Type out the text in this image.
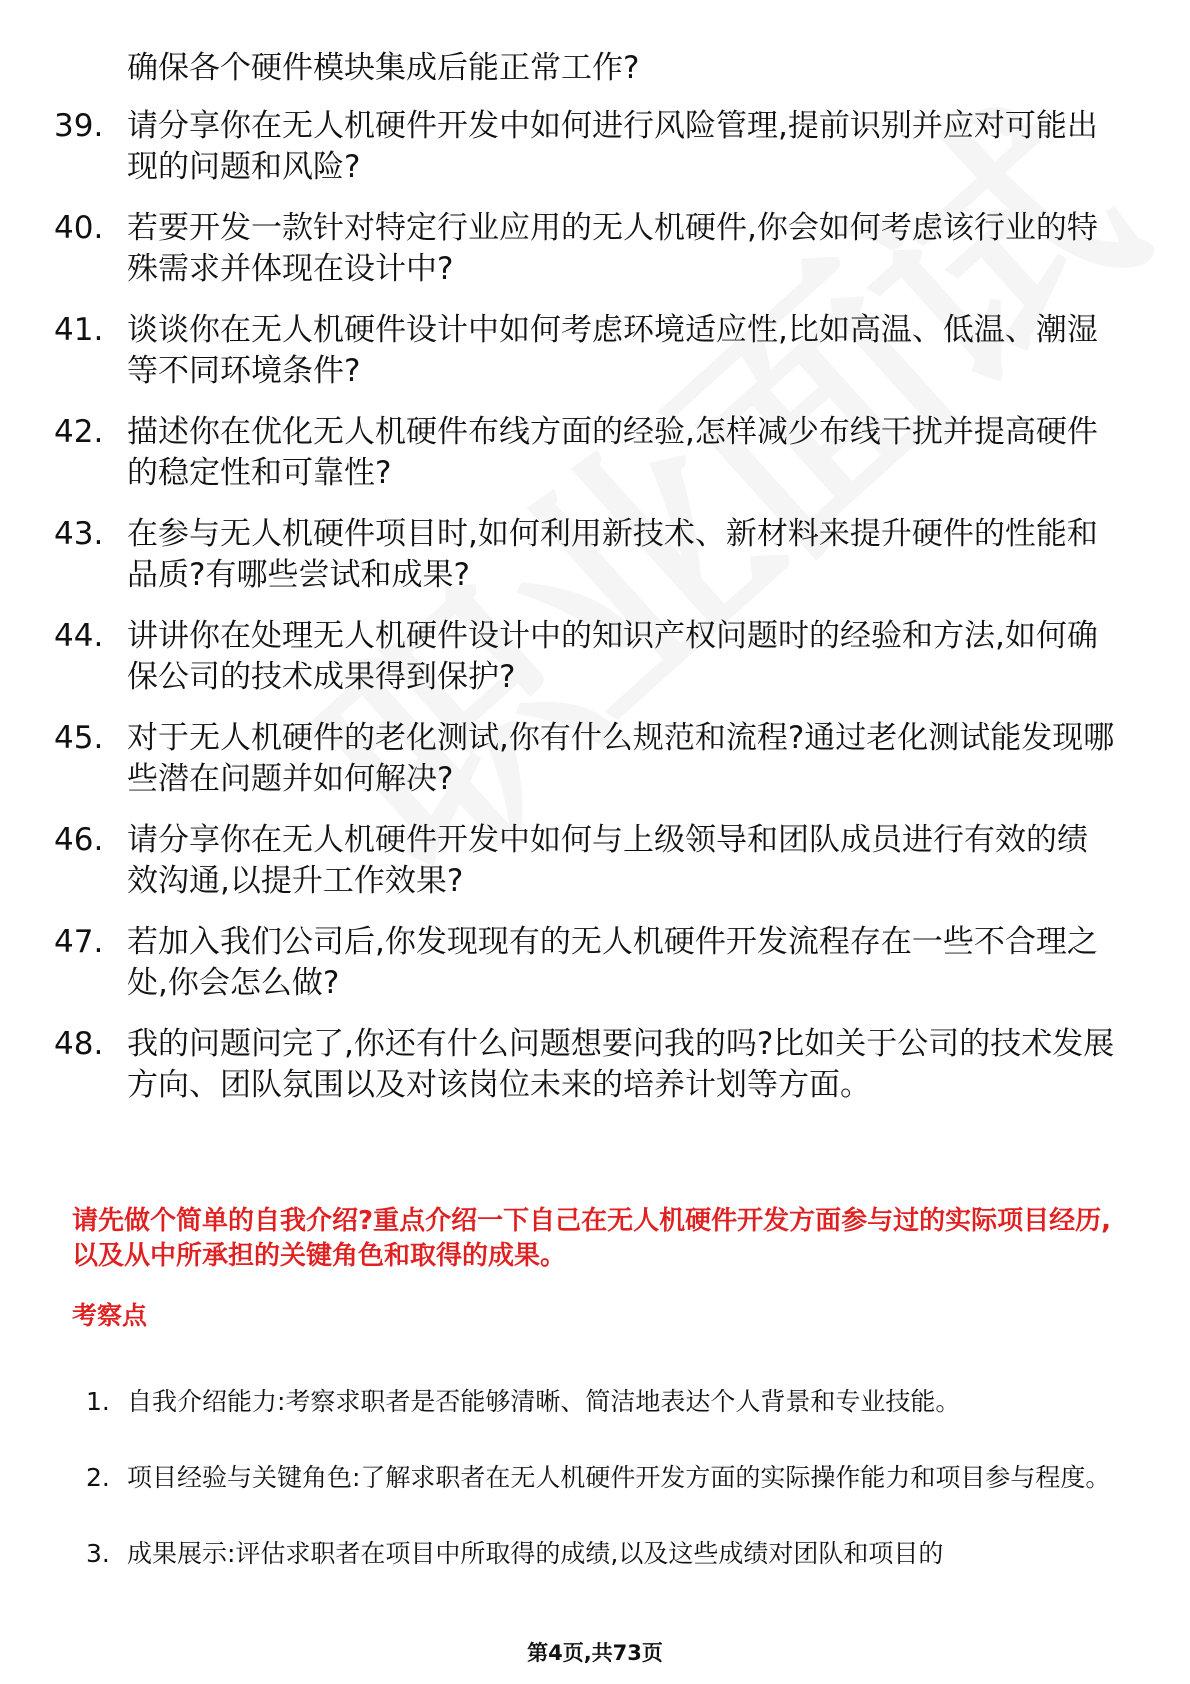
确保各个硬件模块集成后能正常工作?
39. 请分享你在无人机硬件开发中如何进行风险管理,提前识别并应对可能出现的问题和风险?
40. 若要开发一款针对特定行业应用的无人机硬件,你会如何考虑该行业的特殊需求并体现在设计中?
41. 谈谈你在无人机硬件设计中如何考虑环境适应性,比如高温、低温、潮湿等不同环境条件?
42. 描述你在优化无人机硬件布线方面的经验,怎样减少布线干扰并提高硬件的稳定性和可靠性?
43. 在参与无人机硬件项目时,如何利用新技术、新材料来提升硬件的性能和品质?有哪些尝试和成果?
44. 讲讲你在处理无人机硬件设计中的知识产权问题时的经验和方法,如何确保公司的技术成果得到保护?
45. 对于无人机硬件的老化测试,你有什么规范和流程?通过老化测试能发现哪些潜在问题并如何解决?
46. 请分享你在无人机硬件开发中如何与上级领导和团队成员进行有效的绩效沟通,以提升工作效果?
47. 若加入我们公司后,你发现现有的无人机硬件开发流程存在一些不合理之处,你会怎么做?
48. 我的问题问完了,你还有什么问题想要问我的吗?比如关于公司的技术发展方向、团队氛围以及对该岗位未来的培养计划等方面。
请先做个简单的自我介绍?重点介绍一下自己在无人机硬件开发方面参与过的实际项目经历,以及从中所承担的关键角色和取得的成果。
考察点
1. 自我介绍能力:考察求职者是否能够清晰、简洁地表达个人背景和专业技能。
2. 项目经验与关键角色:了解求职者在无人机硬件开发方面的实际操作能力和项目参与程度。
3. 成果展示:评估求职者在项目中所取得的成绩,以及这些成绩对团队和项目的
第4页,共73页
